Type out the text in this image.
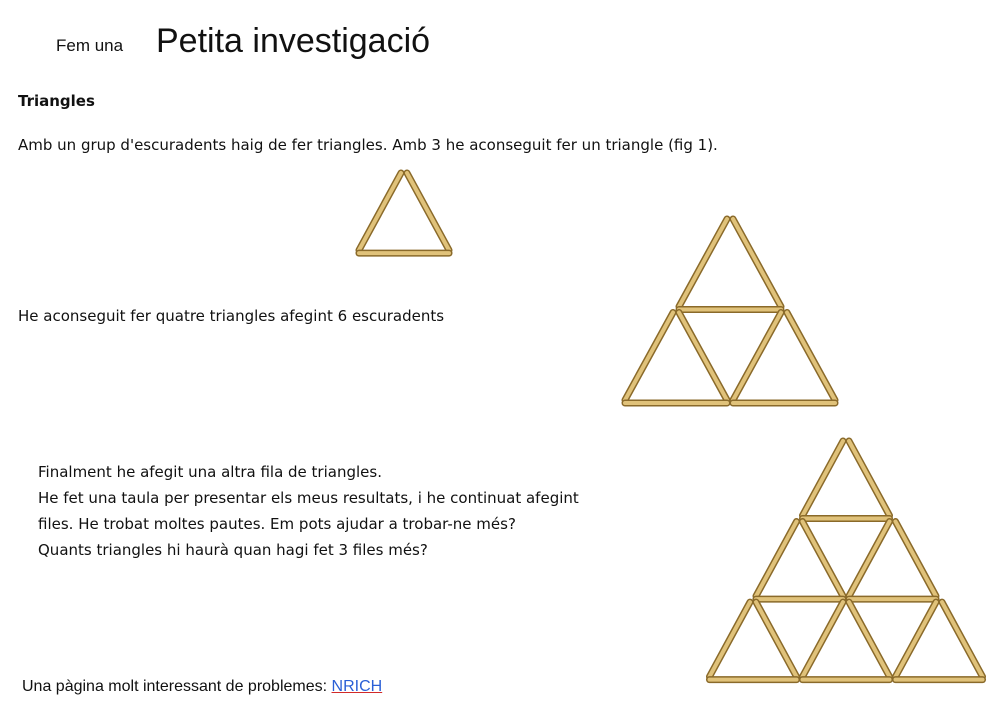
Fem una Petita investigació
Triangles
Amb un grup d'escuradents haig de fer triangles. Amb 3 he aconseguit fer un triangle (fig 1).
He aconseguit fer quatre triangles afegint 6 escuradents
Finalment he afegit una altra fila de triangles.
He fet una taula per presentar els meus resultats, i he continuat afegint
files. He trobat moltes pautes. Em pots ajudar a trobar-ne més?
Quants triangles hi haurà quan hagi fet 3 files més?
Una pàgina molt interessant de problemes: NRICH
